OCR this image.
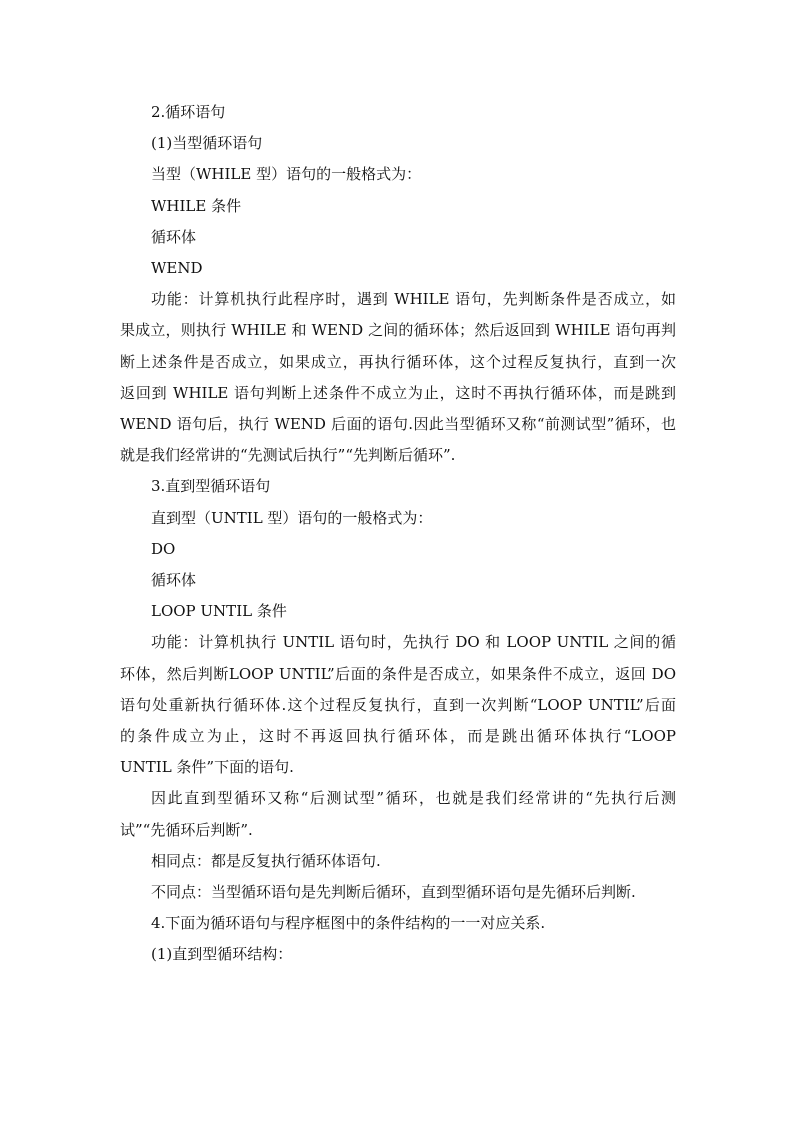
2.循环语句
(1)当型循环语句
当型（WHILE 型）语句的一般格式为：
WHILE 条件
循环体
WEND
功能：计算机执行此程序时，遇到 WHILE 语句，先判断条件是否成立，如
果成立，则执行 WHILE 和 WEND 之间的循环体；然后返回到 WHILE 语句再判
断上述条件是否成立，如果成立，再执行循环体，这个过程反复执行，直到一次
返回到 WHILE 语句判断上述条件不成立为止，这时不再执行循环体，而是跳到
WEND 语句后，执行 WEND 后面的语句.因此当型循环又称“前测试型”循环，也
就是我们经常讲的“先测试后执行”“先判断后循环”.
3.直到型循环语句
直到型（UNTIL 型）语句的一般格式为：
DO
循环体
LOOP UNTIL 条件
功能：计算机执行 UNTIL 语句时，先执行 DO 和 LOOP UNTIL 之间的循
环体，然后判断LOOP UNTIL”后面的条件是否成立，如果条件不成立，返回 DO
语句处重新执行循环体.这个过程反复执行，直到一次判断“LOOP UNTIL”后面
的条件成立为止，这时不再返回执行循环体，而是跳出循环体执行“LOOP
UNTIL 条件”下面的语句.
因此直到型循环又称“后测试型”循环，也就是我们经常讲的“先执行后测
试”“先循环后判断”.
相同点：都是反复执行循环体语句.
不同点：当型循环语句是先判断后循环，直到型循环语句是先循环后判断.
4.下面为循环语句与程序框图中的条件结构的一一对应关系.
(1)直到型循环结构：
